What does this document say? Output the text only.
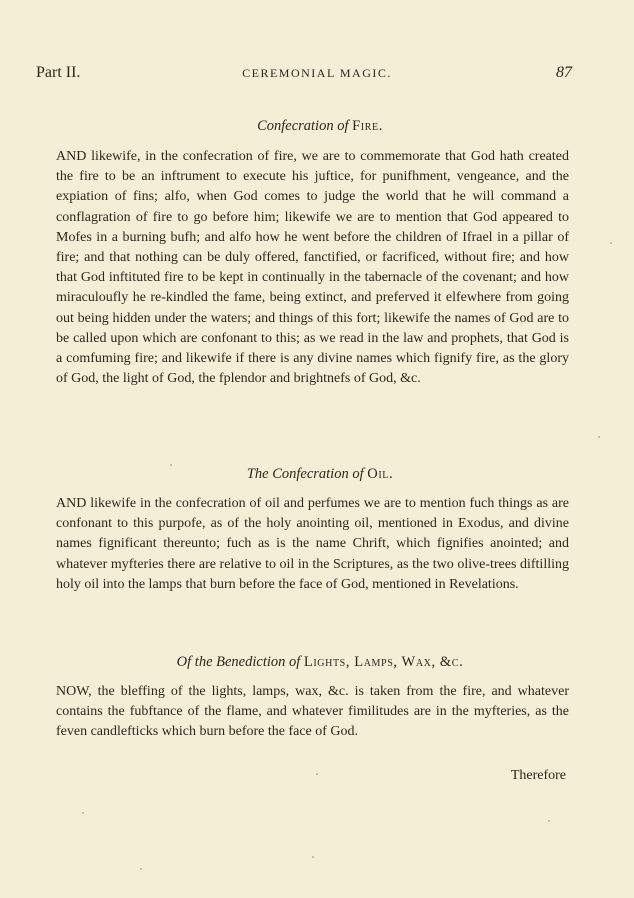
Part II.	CEREMONIAL MAGIC.	87
Confecration of Fire.

AND likewife, in the confecration of fire, we are to commemorate that God hath created the fire to be an inftrument to execute his juftice, for punifhment, vengeance, and the expiation of fins; alfo, when God comes to judge the world that he will command a conflagration of fire to go before him; likewife we are to mention that God appeared to Mofes in a burning bufh; and alfo how he went before the children of Ifrael in a pillar of fire; and that nothing can be duly offered, fanctified, or facrificed, without fire; and how that God inftituted fire to be kept in continually in the tabernacle of the covenant; and how miraculoufly he re-kindled the fame, being extinct, and preferved it elfewhere from going out being hidden under the waters; and things of this fort; likewife the names of God are to be called upon which are confonant to this; as we read in the law and prophets, that God is a comfuming fire; and likewife if there is any divine names which fignify fire, as the glory of God, the light of God, the fplendor and brightnefs of God, &c.

The Confecration of Oil.

AND likewife in the confecration of oil and perfumes we are to mention fuch things as are confonant to this purpofe, as of the holy anointing oil, mentioned in Exodus, and divine names fignificant thereunto; fuch as is the name Chrift, which fignifies anointed; and whatever myfteries there are relative to oil in the Scriptures, as the two olive-trees diftilling holy oil into the lamps that burn before the face of God, mentioned in Revelations.

Of the Benediction of Lights, Lamps, Wax, &c.

NOW, the bleffing of the lights, lamps, wax, &c. is taken from the fire, and whatever contains the fubftance of the flame, and whatever fimilitudes are in the myfteries, as the feven candlefticks which burn before the face of God.

Therefore
